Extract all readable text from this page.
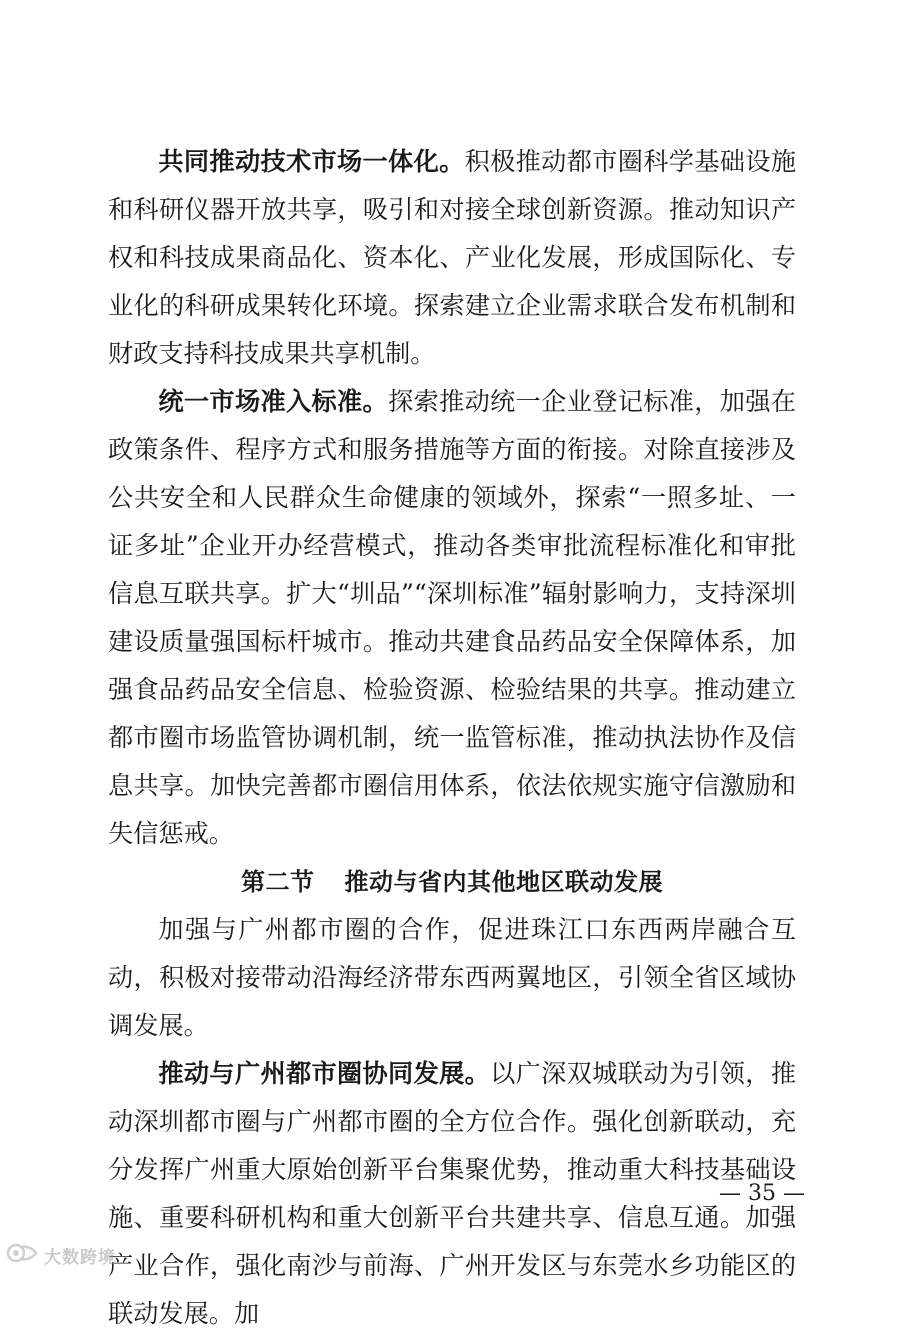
共同推动技术市场一体化。积极推动都市圈科学基础设施和科研仪器开放共享，吸引和对接全球创新资源。推动知识产权和科技成果商品化、资本化、产业化发展，形成国际化、专业化的科研成果转化环境。探索建立企业需求联合发布机制和财政支持科技成果共享机制。

统一市场准入标准。探索推动统一企业登记标准，加强在政策条件、程序方式和服务措施等方面的衔接。对除直接涉及公共安全和人民群众生命健康的领域外，探索“一照多址、一证多址”企业开办经营模式，推动各类审批流程标准化和审批信息互联共享。扩大“圳品”“深圳标准”辐射影响力，支持深圳建设质量强国标杆城市。推动共建食品药品安全保障体系，加强食品药品安全信息、检验资源、检验结果的共享。推动建立都市圈市场监管协调机制，统一监管标准，推动执法协作及信息共享。加快完善都市圈信用体系，依法依规实施守信激励和失信惩戒。

第二节 推动与省内其他地区联动发展

加强与广州都市圈的合作，促进珠江口东西两岸融合互动，积极对接带动沿海经济带东西两翼地区，引领全省区域协调发展。

推动与广州都市圈协同发展。以广深双城联动为引领，推动深圳都市圈与广州都市圈的全方位合作。强化创新联动，充分发挥广州重大原始创新平台集聚优势，推动重大科技基础设施、重要科研机构和重大创新平台共建共享、信息互通。加强产业合作，强化南沙与前海、广州开发区与东莞水乡功能区的联动发展。加

— 35 —
大数跨境
